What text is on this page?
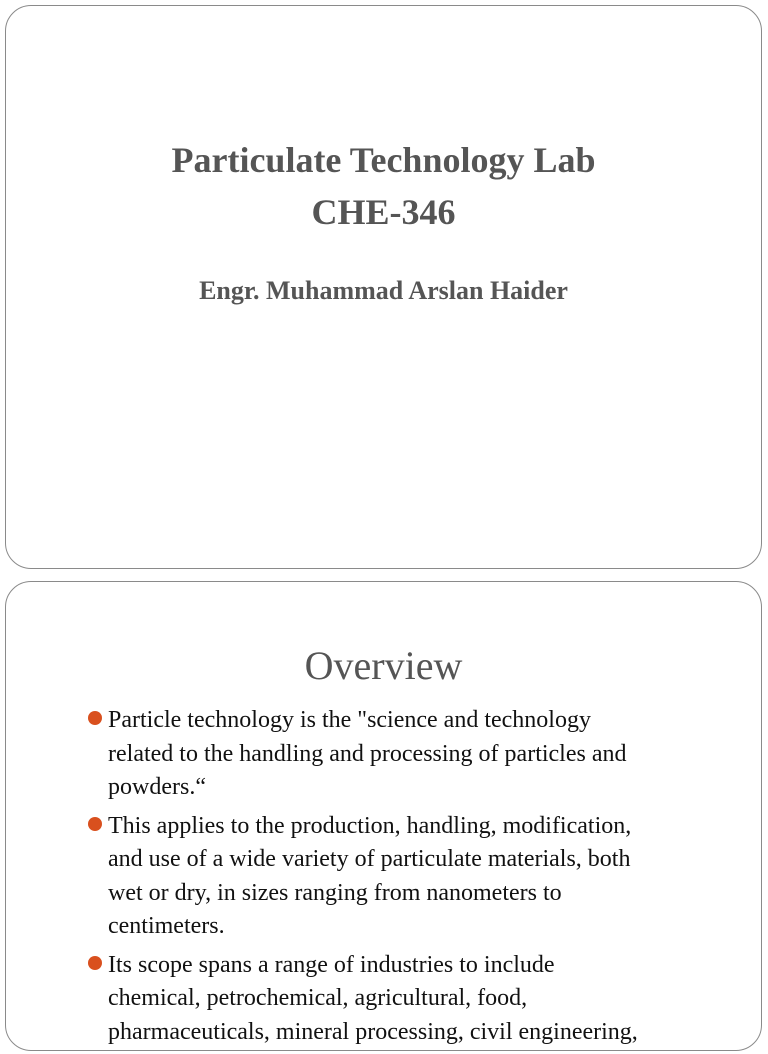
Particulate Technology Lab
CHE-346
Engr. Muhammad Arslan Haider
Overview
Particle technology is the "science and technology
related to the handling and processing of particles and
powders.“
This applies to the production, handling, modification,
and use of a wide variety of particulate materials, both
wet or dry, in sizes ranging from nanometers to
centimeters.
Its scope spans a range of industries to include
chemical, petrochemical, agricultural, food,
pharmaceuticals, mineral processing, civil engineering,
